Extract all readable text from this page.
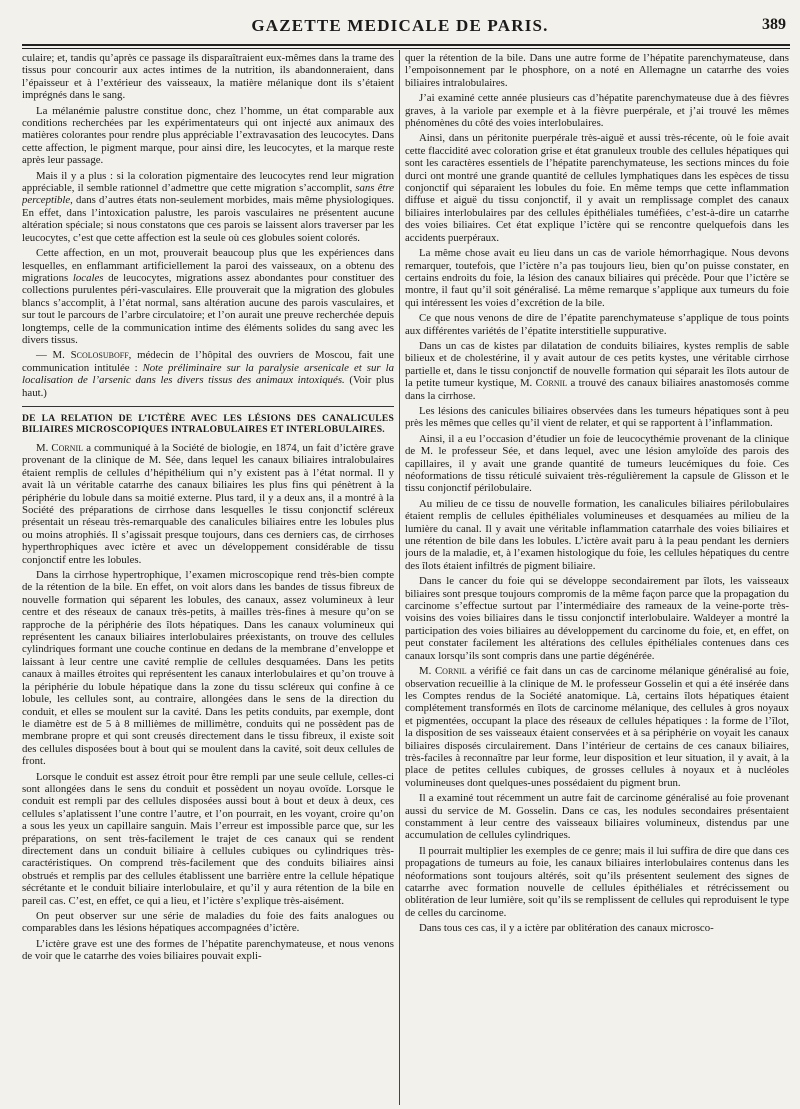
GAZETTE MEDICALE DE PARIS.	389

culaire; et, tandis qu’après ce passage ils disparaîtraient eux-mêmes dans la trame des tissus pour concourir aux actes intimes de la nutrition, ils abandonneraient, dans l’épaisseur et à l’extérieur des vaisseaux, la matière mélanique dont ils s’étaient imprégnés dans le sang.

La mélanémie palustre constitue donc, chez l’homme, un état comparable aux conditions recherchées par les expérimentateurs qui ont injecté aux animaux des matières colorantes pour rendre plus appréciable l’extravasation des leucocytes. Dans cette affection, le pigment marque, pour ainsi dire, les leucocytes, et la marque reste après leur passage.

Mais il y a plus : si la coloration pigmentaire des leucocytes rend leur migration appréciable, il semble rationnel d’admettre que cette migration s’accomplit, sans être perceptible, dans d’autres états non-seulement morbides, mais même physiologiques. En effet, dans l’intoxication palustre, les parois vasculaires ne présentent aucune altération spéciale; si nous constatons que ces parois se laissent alors traverser par les leucocytes, c’est que cette affection est la seule où ces globules soient colorés.

Cette affection, en un mot, prouverait beaucoup plus que les expériences dans lesquelles, en enflammant artificiellement la paroi des vaisseaux, on a obtenu des migrations locales de leucocytes, migrations assez abondantes pour constituer des collections purulentes péri-vasculaires. Elle prouverait que la migration des globules blancs s’accomplit, à l’état normal, sans altération aucune des parois vasculaires, et sur tout le parcours de l’arbre circulatoire; et l’on aurait une preuve recherchée depuis longtemps, celle de la communication intime des éléments solides du sang avec les divers tissus.

— M. Scolosuboff, médecin de l’hôpital des ouvriers de Moscou, fait une communication intitulée : Note préliminaire sur la paralysie arsenicale et sur la localisation de l’arsenic dans les divers tissus des animaux intoxiqués. (Voir plus haut.)

DE LA RELATION DE L’ICTÈRE AVEC LES LÉSIONS DES CANALICULES BILIAIRES MICROSCOPIQUES INTRALOBULAIRES ET INTERLOBULAIRES.

M. Cornil a communiqué à la Société de biologie, en 1874, un fait d’ictère grave provenant de la clinique de M. Sée, dans lequel les canaux biliaires intralobulaires étaient remplis de cellules d’hépithélium qui n’y existent pas à l’état normal. Il y avait là un véritable catarrhe des canaux biliaires les plus fins qui pénètrent à la périphérie du lobule dans sa moitié externe. Plus tard, il y a deux ans, il a montré à la Société des préparations de cirrhose dans lesquelles le tissu conjonctif scléreux présentait un réseau très-remarquable des canalicules biliaires entre les lobules plus ou moins atrophiés. Il s’agissait presque toujours, dans ces derniers cas, de cirrhoses hyperthrophiques avec ictère et avec un développement considérable de tissu conjonctif entre les lobules.

Dans la cirrhose hypertrophique, l’examen microscopique rend très-bien compte de la rétention de la bile. En effet, on voit alors dans les bandes de tissus fibreux de nouvelle formation qui séparent les lobules, des canaux, assez volumineux à leur centre et des réseaux de canaux très-petits, à mailles très-fines à mesure qu’on se rapproche de la périphérie des îlots hépatiques. Dans les canaux volumineux qui représentent les canaux biliaires interlobulaires préexistants, on trouve des cellules cylindriques formant une couche continue en dedans de la membrane d’enveloppe et laissant à leur centre une cavité remplie de cellules desquamées. Dans les petits canaux à mailles étroites qui représentent les canaux interlobulaires et qu’on trouve à la périphérie du lobule hépatique dans la zone du tissu scléreux qui confine à ce lobule, les cellules sont, au contraire, allongées dans le sens de la direction du conduit, et elles se moulent sur la cavité. Dans les petits conduits, par exemple, dont le diamètre est de 5 à 8 millièmes de millimètre, conduits qui ne possèdent pas de membrane propre et qui sont creusés directement dans le tissu fibreux, il existe soit des cellules disposées bout à bout qui se moulent dans la cavité, soit deux cellules de front.

Lorsque le conduit est assez étroit pour être rempli par une seule cellule, celles-ci sont allongées dans le sens du conduit et possèdent un noyau ovoïde. Lorsque le conduit est rempli par des cellules disposées aussi bout à bout et deux à deux, ces cellules s’aplatissent l’une contre l’autre, et l’on pourrait, en les voyant, croire qu’on a sous les yeux un capillaire sanguin. Mais l’erreur est impossible parce que, sur les préparations, on sent très-facilement le trajet de ces canaux qui se rendent directement dans un conduit biliaire à cellules cubiques ou cylindriques très-caractéristiques. On comprend très-facilement que des conduits biliaires ainsi obstrués et remplis par des cellules établissent une barrière entre la cellule hépatique sécrétante et le conduit biliaire interlobulaire, et qu’il y aura rétention de la bile en pareil cas. C’est, en effet, ce qui a lieu, et l’ictère s’explique très-aisément.

On peut observer sur une série de maladies du foie des faits analogues ou comparables dans les lésions hépatiques accompagnées d’ictère.

L’ictère grave est une des formes de l’hépatite parenchymateuse, et nous venons de voir que le catarrhe des voies biliaires pouvait expli-

quer la rétention de la bile. Dans une autre forme de l’hépatite parenchymateuse, dans l’empoisonnement par le phosphore, on a noté en Allemagne un catarrhe des voies biliaires intralobulaires.

J’ai examiné cette année plusieurs cas d’hépatite parenchymateuse due à des fièvres graves, à la variole par exemple et à la fièvre puerpérale, et j’ai trouvé les mêmes phénomènes du côté des voies interlobulaires.

Ainsi, dans un péritonite puerpérale très-aiguë et aussi très-récente, où le foie avait cette flaccidité avec coloration grise et état granuleux trouble des cellules hépatiques qui sont les caractères essentiels de l’hépatite parenchymateuse, les sections minces du foie durci ont montré une grande quantité de cellules lymphatiques dans les espèces de tissu conjonctif qui séparaient les lobules du foie. En même temps que cette inflammation diffuse et aiguë du tissu conjonctif, il y avait un remplissage complet des canaux biliaires interlobulaires par des cellules épithéliales tuméfiées, c’est-à-dire un catarrhe des voies biliaires. Cet état explique l’ictère qui se rencontre quelquefois dans les accidents puerpéraux.

La même chose avait eu lieu dans un cas de variole hémorrhagique. Nous devons remarquer, toutefois, que l’ictère n’a pas toujours lieu, bien qu’on puisse constater, en certains endroits du foie, la lésion des canaux biliaires qui précède. Pour que l’ictère se montre, il faut qu’il soit généralisé. La même remarque s’applique aux tumeurs du foie qui intéressent les voies d’excrétion de la bile.

Ce que nous venons de dire de l’épatite parenchymateuse s’applique de tous points aux différentes variétés de l’épatite interstitielle suppurative.

Dans un cas de kistes par dilatation de conduits biliaires, kystes remplis de sable bilieux et de cholestérine, il y avait autour de ces petits kystes, une véritable cirrhose partielle et, dans le tissu conjonctif de nouvelle formation qui séparait les îlots autour de la petite tumeur kystique, M. Cornil a trouvé des canaux biliaires anastomosés comme dans la cirrhose.

Les lésions des canicules biliaires observées dans les tumeurs hépatiques sont à peu près les mêmes que celles qu’il vient de relater, et qui se rapportent à l’inflammation.

Ainsi, il a eu l’occasion d’étudier un foie de leucocythémie provenant de la clinique de M. le professeur Sée, et dans lequel, avec une lésion amyloïde des parois des capillaires, il y avait une grande quantité de tumeurs leucémiques du foie. Ces néoformations de tissu réticulé suivaient très-régulièrement la capsule de Glisson et le tissu conjonctif périlobulaire.

Au milieu de ce tissu de nouvelle formation, les canalicules biliaires périlobulaires étaient remplis de cellules épithéliales volumineuses et desquamées au milieu de la lumière du canal. Il y avait une véritable inflammation catarrhale des voies biliaires et une rétention de bile dans les lobules. L’ictère avait paru à la peau pendant les derniers jours de la maladie, et, à l’examen histologique du foie, les cellules hépatiques du centre des îlots étaient infiltrés de pigment biliaire.

Dans le cancer du foie qui se développe secondairement par îlots, les vaisseaux biliaires sont presque toujours compromis de la même façon parce que la propagation du carcinome s’effectue surtout par l’intermédiaire des rameaux de la veine-porte très-voisins des voies biliaires dans le tissu conjonctif interlobulaire. Waldeyer a montré la participation des voies biliaires au développement du carcinome du foie, et, en effet, on peut constater facilement les altérations des cellules épithéliales contenues dans ces canaux lorsqu’ils sont compris dans une partie dégénérée.

M. Cornil a vérifié ce fait dans un cas de carcinome mélanique généralisé au foie, observation recueillie à la clinique de M. le professeur Gosselin et qui a été insérée dans les Comptes rendus de la Société anatomique. Là, certains îlots hépatiques étaient complétement transformés en îlots de carcinome mélanique, des cellules à gros noyaux et pigmentées, occupant la place des réseaux de cellules hépatiques : la forme de l’îlot, la disposition de ses vaisseaux étaient conservées et à sa périphérie on voyait les canaux biliaires disposés circulairement. Dans l’intérieur de certains de ces canaux biliaires, très-faciles à reconnaître par leur forme, leur disposition et leur situation, il y avait, à la place de petites cellules cubiques, de grosses cellules à noyaux et à nucléoles volumineuses dont quelques-unes possédaient du pigment brun.

Il a examiné tout récemment un autre fait de carcinome généralisé au foie provenant aussi du service de M. Gosselin. Dans ce cas, les nodules secondaires présentaient constamment à leur centre des vaisseaux biliaires volumineux, distendus par une accumulation de cellules cylindriques.

Il pourrait multiplier les exemples de ce genre; mais il lui suffira de dire que dans ces propagations de tumeurs au foie, les canaux biliaires interlobulaires contenus dans les néoformations sont toujours altérés, soit qu’ils présentent seulement des signes de catarrhe avec formation nouvelle de cellules épithéliales et rétrécissement ou oblitération de leur lumière, soit qu’ils se remplissent de cellules qui reproduisent le type de celles du carcinome.

Dans tous ces cas, il y a ictère par oblitération des canaux microsco-
